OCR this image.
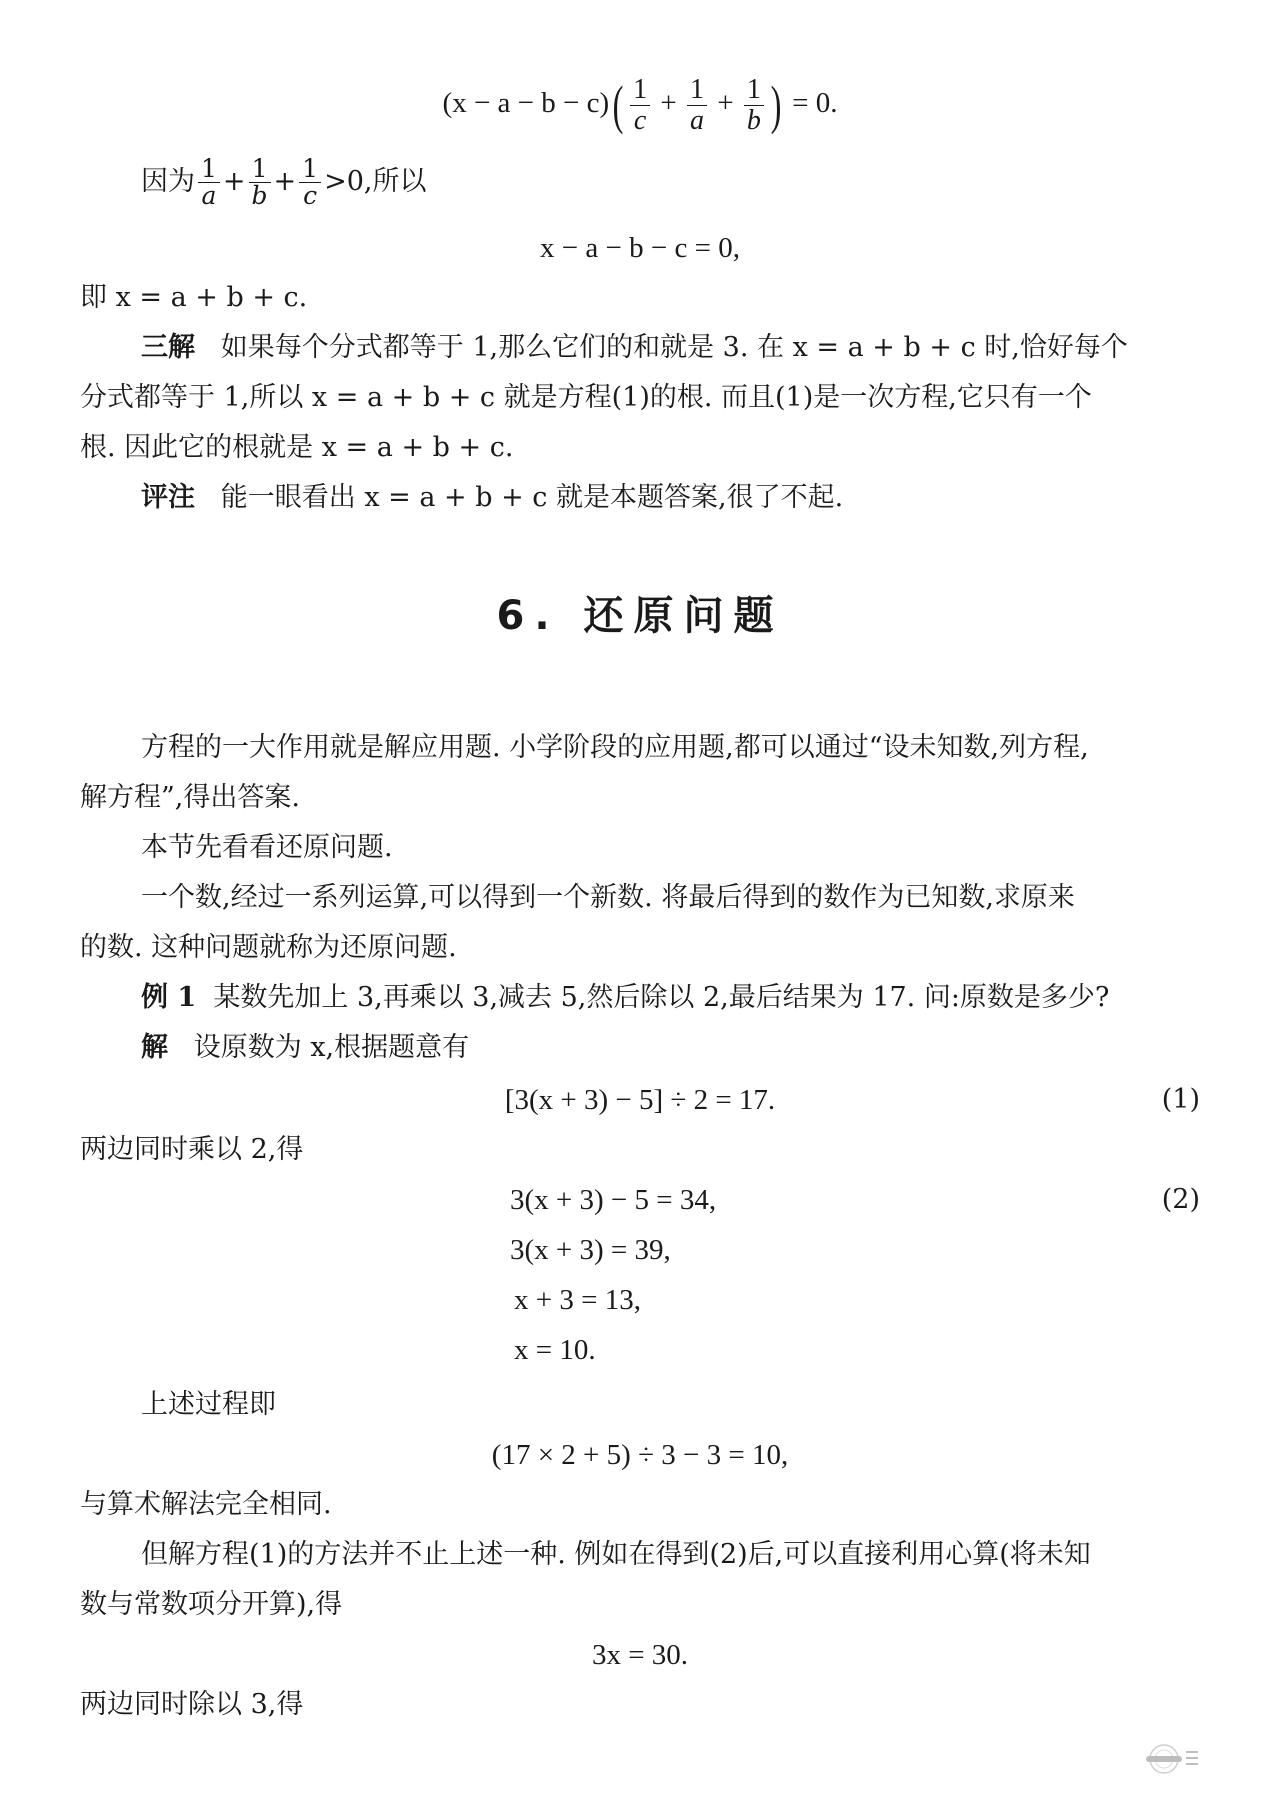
$(x - a - b - c)( \frac{1}{c} + \frac{1}{a} + \frac{1}{b}$ ) = 0.
因为 $\frac{1}{a} + \frac{1}{b} + \frac{1}{c} >0$,所以
x − a − b − c = 0,
即 x = a + b + c.
三解 如果每个分式都等于 1,那么它们的和就是 3. 在 x = a + b + c 时,恰好每个
分式都等于 1,所以 x = a + b + c 就是方程(1)的根. 而且(1)是一次方程,它只有一个
根. 因此它的根就是 x = a + b + c.
评注 能一眼看出 x = a + b + c 就是本题答案,很了不起.
6. 还原问题
方程的一大作用就是解应用题. 小学阶段的应用题,都可以通过“设未知数,列方程,
解方程”,得出答案.
本节先看看还原问题.
一个数,经过一系列运算,可以得到一个新数. 将最后得到的数作为已知数,求原来
的数. 这种问题就称为还原问题.
例 1 某数先加上 3,再乘以 3,减去 5,然后除以 2,最后结果为 17. 问:原数是多少?
解 设原数为 x,根据题意有
[3(x + 3) − 5] ÷ 2 = 17.	(1)
两边同时乘以 2,得
3(x + 3) − 5 = 34,	(2)
3(x + 3) = 39,
x + 3 = 13,
x = 10.
上述过程即
(17 × 2 + 5) ÷ 3 − 3 = 10,
与算术解法完全相同.
但解方程(1)的方法并不止上述一种. 例如在得到(2)后,可以直接利用心算(将未知
数与常数项分开算),得
3x = 30.
两边同时除以 3,得
